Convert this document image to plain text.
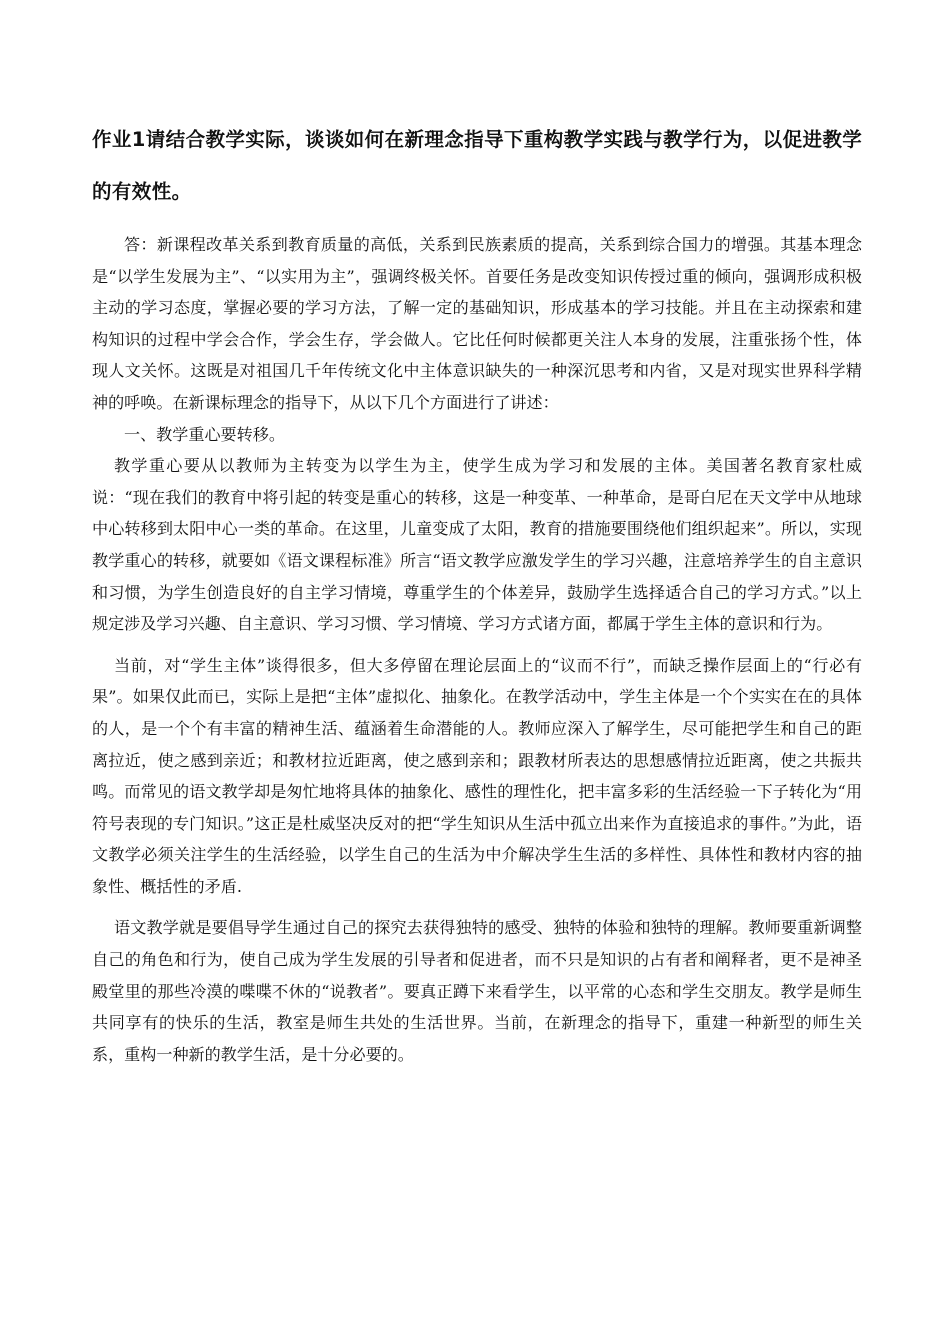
作业1请结合教学实际，谈谈如何在新理念指导下重构教学实践与教学行为，以促进教学的有效性。

答：新课程改革关系到教育质量的高低，关系到民族素质的提高，关系到综合国力的增强。其基本理念是“以学生发展为主”、“以实用为主”，强调终极关怀。首要任务是改变知识传授过重的倾向，强调形成积极主动的学习态度，掌握必要的学习方法，了解一定的基础知识，形成基本的学习技能。并且在主动探索和建构知识的过程中学会合作，学会生存，学会做人。它比任何时候都更关注人本身的发展，注重张扬个性，体现人文关怀。这既是对祖国几千年传统文化中主体意识缺失的一种深沉思考和内省，又是对现实世界科学精神的呼唤。在新课标理念的指导下，从以下几个方面进行了讲述：

一、教学重心要转移。

教学重心要从以教师为主转变为以学生为主，使学生成为学习和发展的主体。美国著名教育家杜威说：“现在我们的教育中将引起的转变是重心的转移，这是一种变革、一种革命，是哥白尼在天文学中从地球中心转移到太阳中心一类的革命。在这里，儿童变成了太阳，教育的措施要围绕他们组织起来”。所以，实现教学重心的转移，就要如《语文课程标准》所言“语文教学应激发学生的学习兴趣，注意培养学生的自主意识和习惯，为学生创造良好的自主学习情境，尊重学生的个体差异，鼓励学生选择适合自己的学习方式。”以上规定涉及学习兴趣、自主意识、学习习惯、学习情境、学习方式诸方面，都属于学生主体的意识和行为。

当前，对“学生主体”谈得很多，但大多停留在理论层面上的“议而不行”，而缺乏操作层面上的“行必有果”。如果仅此而已，实际上是把“主体”虚拟化、抽象化。在教学活动中，学生主体是一个个实实在在的具体的人，是一个个有丰富的精神生活、蕴涵着生命潜能的人。教师应深入了解学生，尽可能把学生和自己的距离拉近，使之感到亲近；和教材拉近距离，使之感到亲和；跟教材所表达的思想感情拉近距离，使之共振共鸣。而常见的语文教学却是匆忙地将具体的抽象化、感性的理性化，把丰富多彩的生活经验一下子转化为“用符号表现的专门知识。”这正是杜威坚决反对的把“学生知识从生活中孤立出来作为直接追求的事件。”为此，语文教学必须关注学生的生活经验，以学生自己的生活为中介解决学生生活的多样性、具体性和教材内容的抽象性、概括性的矛盾.

语文教学就是要倡导学生通过自己的探究去获得独特的感受、独特的体验和独特的理解。教师要重新调整自己的角色和行为，使自己成为学生发展的引导者和促进者，而不只是知识的占有者和阐释者，更不是神圣殿堂里的那些冷漠的喋喋不休的“说教者”。要真正蹲下来看学生，以平常的心态和学生交朋友。教学是师生共同享有的快乐的生活，教室是师生共处的生活世界。当前，在新理念的指导下，重建一种新型的师生关系，重构一种新的教学生活，是十分必要的。
